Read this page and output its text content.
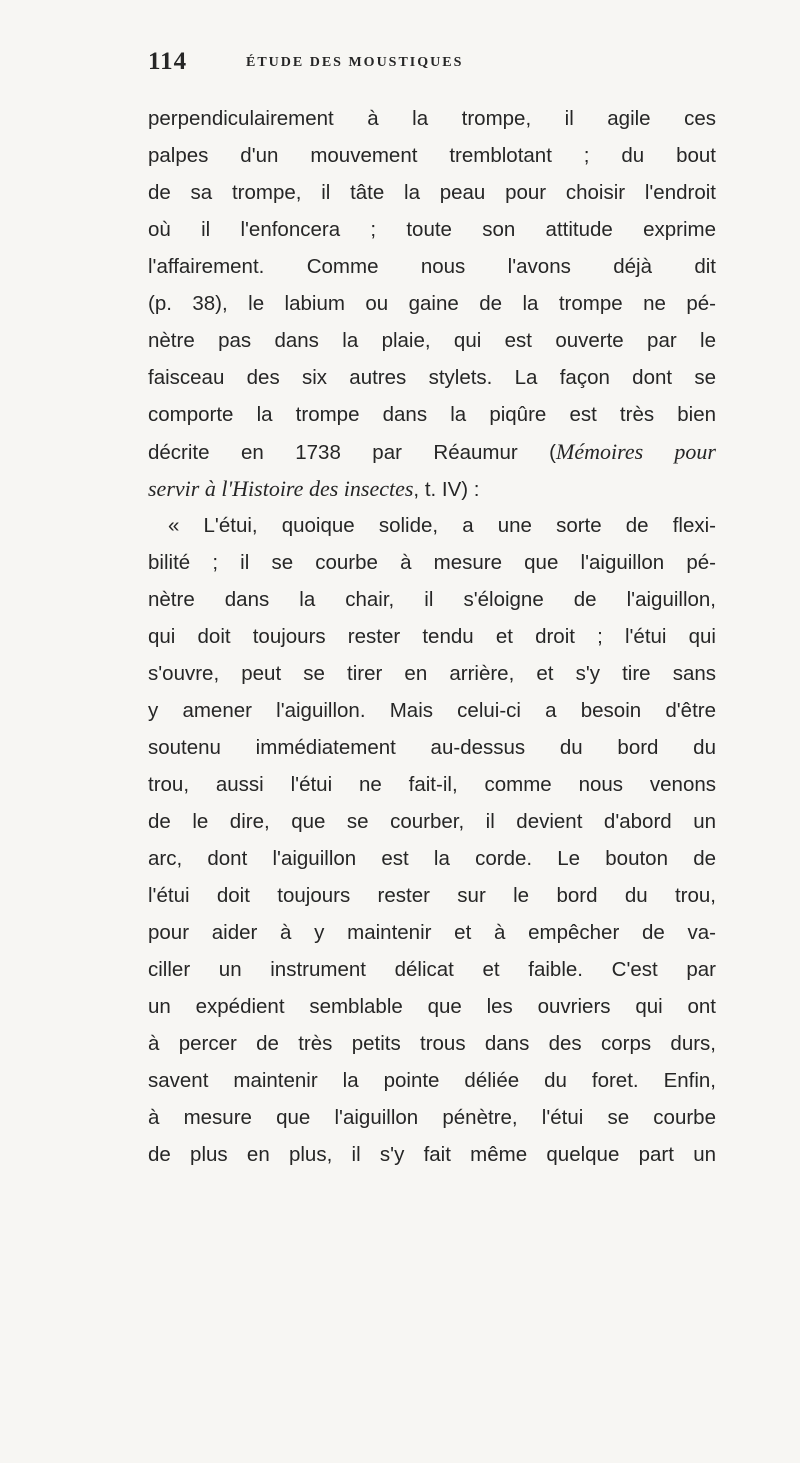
114	ÉTUDE DES MOUSTIQUES
perpendiculairement à la trompe, il agile ces
palpes d'un mouvement tremblotant ; du bout
de sa trompe, il tâte la peau pour choisir l'endroit
où il l'enfoncera ; toute son attitude exprime
l'affairement. Comme nous l'avons déjà dit
(p. 38), le labium ou gaine de la trompe ne pé-
nètre pas dans la plaie, qui est ouverte par le
faisceau des six autres stylets. La façon dont se
comporte la trompe dans la piqûre est très bien
décrite en 1738 par Réaumur (Mémoires pour
servir à l'Histoire des insectes, t. IV) :
« L'étui, quoique solide, a une sorte de flexi-
bilité ; il se courbe à mesure que l'aiguillon pé-
nètre dans la chair, il s'éloigne de l'aiguillon,
qui doit toujours rester tendu et droit ; l'étui qui
s'ouvre, peut se tirer en arrière, et s'y tire sans
y amener l'aiguillon. Mais celui-ci a besoin d'être
soutenu immédiatement au-dessus du bord du
trou, aussi l'étui ne fait-il, comme nous venons
de le dire, que se courber, il devient d'abord un
arc, dont l'aiguillon est la corde. Le bouton de
l'étui doit toujours rester sur le bord du trou,
pour aider à y maintenir et à empêcher de va-
ciller un instrument délicat et faible. C'est par
un expédient semblable que les ouvriers qui ont
à percer de très petits trous dans des corps durs,
savent maintenir la pointe déliée du foret. Enfin,
à mesure que l'aiguillon pénètre, l'étui se courbe
de plus en plus, il s'y fait même quelque part un
